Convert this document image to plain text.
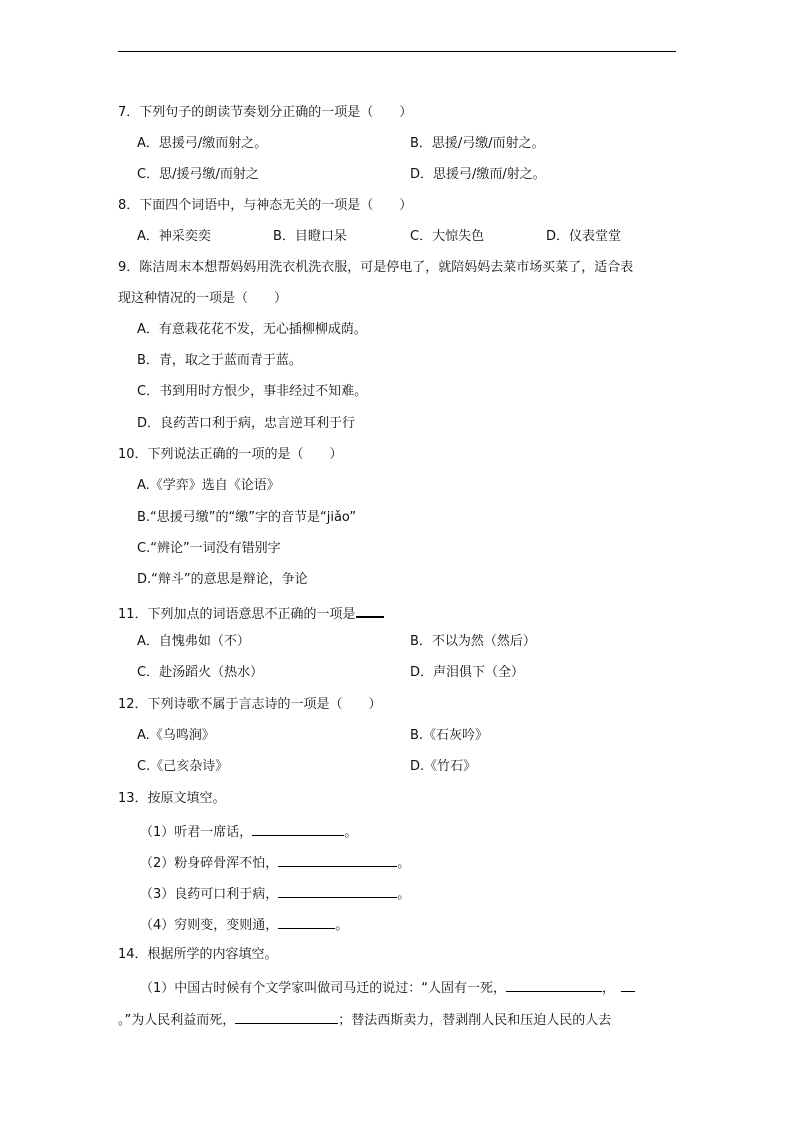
7．下列句子的朗读节奏划分正确的一项是（　　）
A．思援弓/缴而射之。	B．思援/弓缴/而射之。
C．思/援弓缴/而射之	D．思援弓/缴而/射之。
8．下面四个词语中，与神态无关的一项是（　　）
A．神采奕奕	B．目瞪口呆	C．大惊失色	D．仪表堂堂
9．陈洁周末本想帮妈妈用洗衣机洗衣服，可是停电了，就陪妈妈去菜市场买菜了，适合表
现这种情况的一项是（　　）
A．有意栽花花不发，无心插柳柳成荫。
B．青，取之于蓝而青于蓝。
C．书到用时方恨少，事非经过不知难。
D．良药苦口利于病，忠言逆耳利于行
10．下列说法正确的一项的是（　　）
A.《学弈》选自《论语》
B.“思援弓缴”的“缴”字的音节是“jiǎo”
C.“辨论”一词没有错别字
D.“辩斗”的意思是辩论，争论
11．下列加点的词语意思不正确的一项是
A．自愧弗如（不）	B．不以为然（然后）
C．赴汤蹈火（热水）	D．声泪俱下（全）
12．下列诗歌不属于言志诗的一项是（　　）
A.《乌鸣涧》	B.《石灰吟》
C.《己亥杂诗》	D.《竹石》
13．按原文填空。
（1）听君一席话，	。
（2）粉身碎骨浑不怕，	。
（3）良药可口利于病，	。
（4）穷则变，变则通，	。
14．根据所学的内容填空。
（1）中国古时候有个文学家叫做司马迁的说过：“人固有一死，	，
。”为人民利益而死，	；替法西斯卖力，替剥削人民和压迫人民的人去
